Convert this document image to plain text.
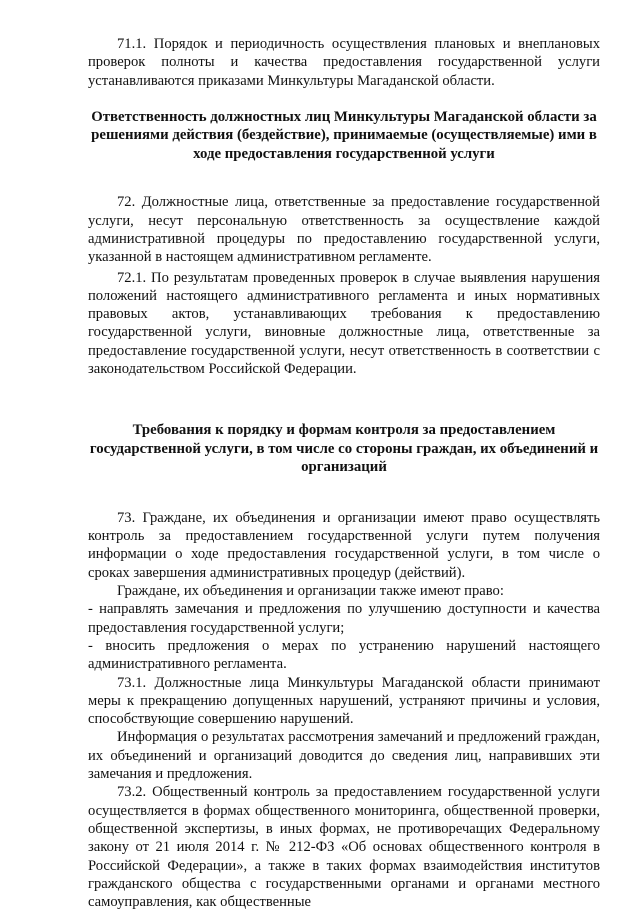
71.1. Порядок и периодичность осуществления плановых и внеплановых проверок полноты и качества предоставления государственной услуги устанавливаются приказами Минкультуры Магаданской области.

Ответственность должностных лиц Минкультуры Магаданской области за решениями действия (бездействие), принимаемые (осуществляемые) ими в ходе предоставления государственной услуги

72. Должностные лица, ответственные за предоставление государственной услуги, несут персональную ответственность за осуществление каждой административной процедуры по предоставлению государственной услуги, указанной в настоящем административном регламенте.

72.1. По результатам проведенных проверок в случае выявления нарушения положений настоящего административного регламента и иных нормативных правовых актов, устанавливающих требования к предоставлению государственной услуги, виновные должностные лица, ответственные за предоставление государственной услуги, несут ответственность в соответствии с законодательством Российской Федерации.

Требования к порядку и формам контроля за предоставлением государственной услуги, в том числе со стороны граждан, их объединений и организаций

73. Граждане, их объединения и организации имеют право осуществлять контроль за предоставлением государственной услуги путем получения информации о ходе предоставления государственной услуги, в том числе о сроках завершения административных процедур (действий).

Граждане, их объединения и организации также имеют право:

- направлять замечания и предложения по улучшению доступности и качества предоставления государственной услуги;

- вносить предложения о мерах по устранению нарушений настоящего административного регламента.

73.1. Должностные лица Минкультуры Магаданской области принимают меры к прекращению допущенных нарушений, устраняют причины и условия, способствующие совершению нарушений.

Информация о результатах рассмотрения замечаний и предложений граждан, их объединений и организаций доводится до сведения лиц, направивших эти замечания и предложения.

73.2. Общественный контроль за предоставлением государственной услуги осуществляется в формах общественного мониторинга, общественной проверки, общественной экспертизы, в иных формах, не противоречащих Федеральному закону от 21 июля 2014 г. № 212-ФЗ «Об основах общественного контроля в Российской Федерации», а также в таких формах взаимодействия институтов гражданского общества с государственными органами и органами местного самоуправления, как общественные
